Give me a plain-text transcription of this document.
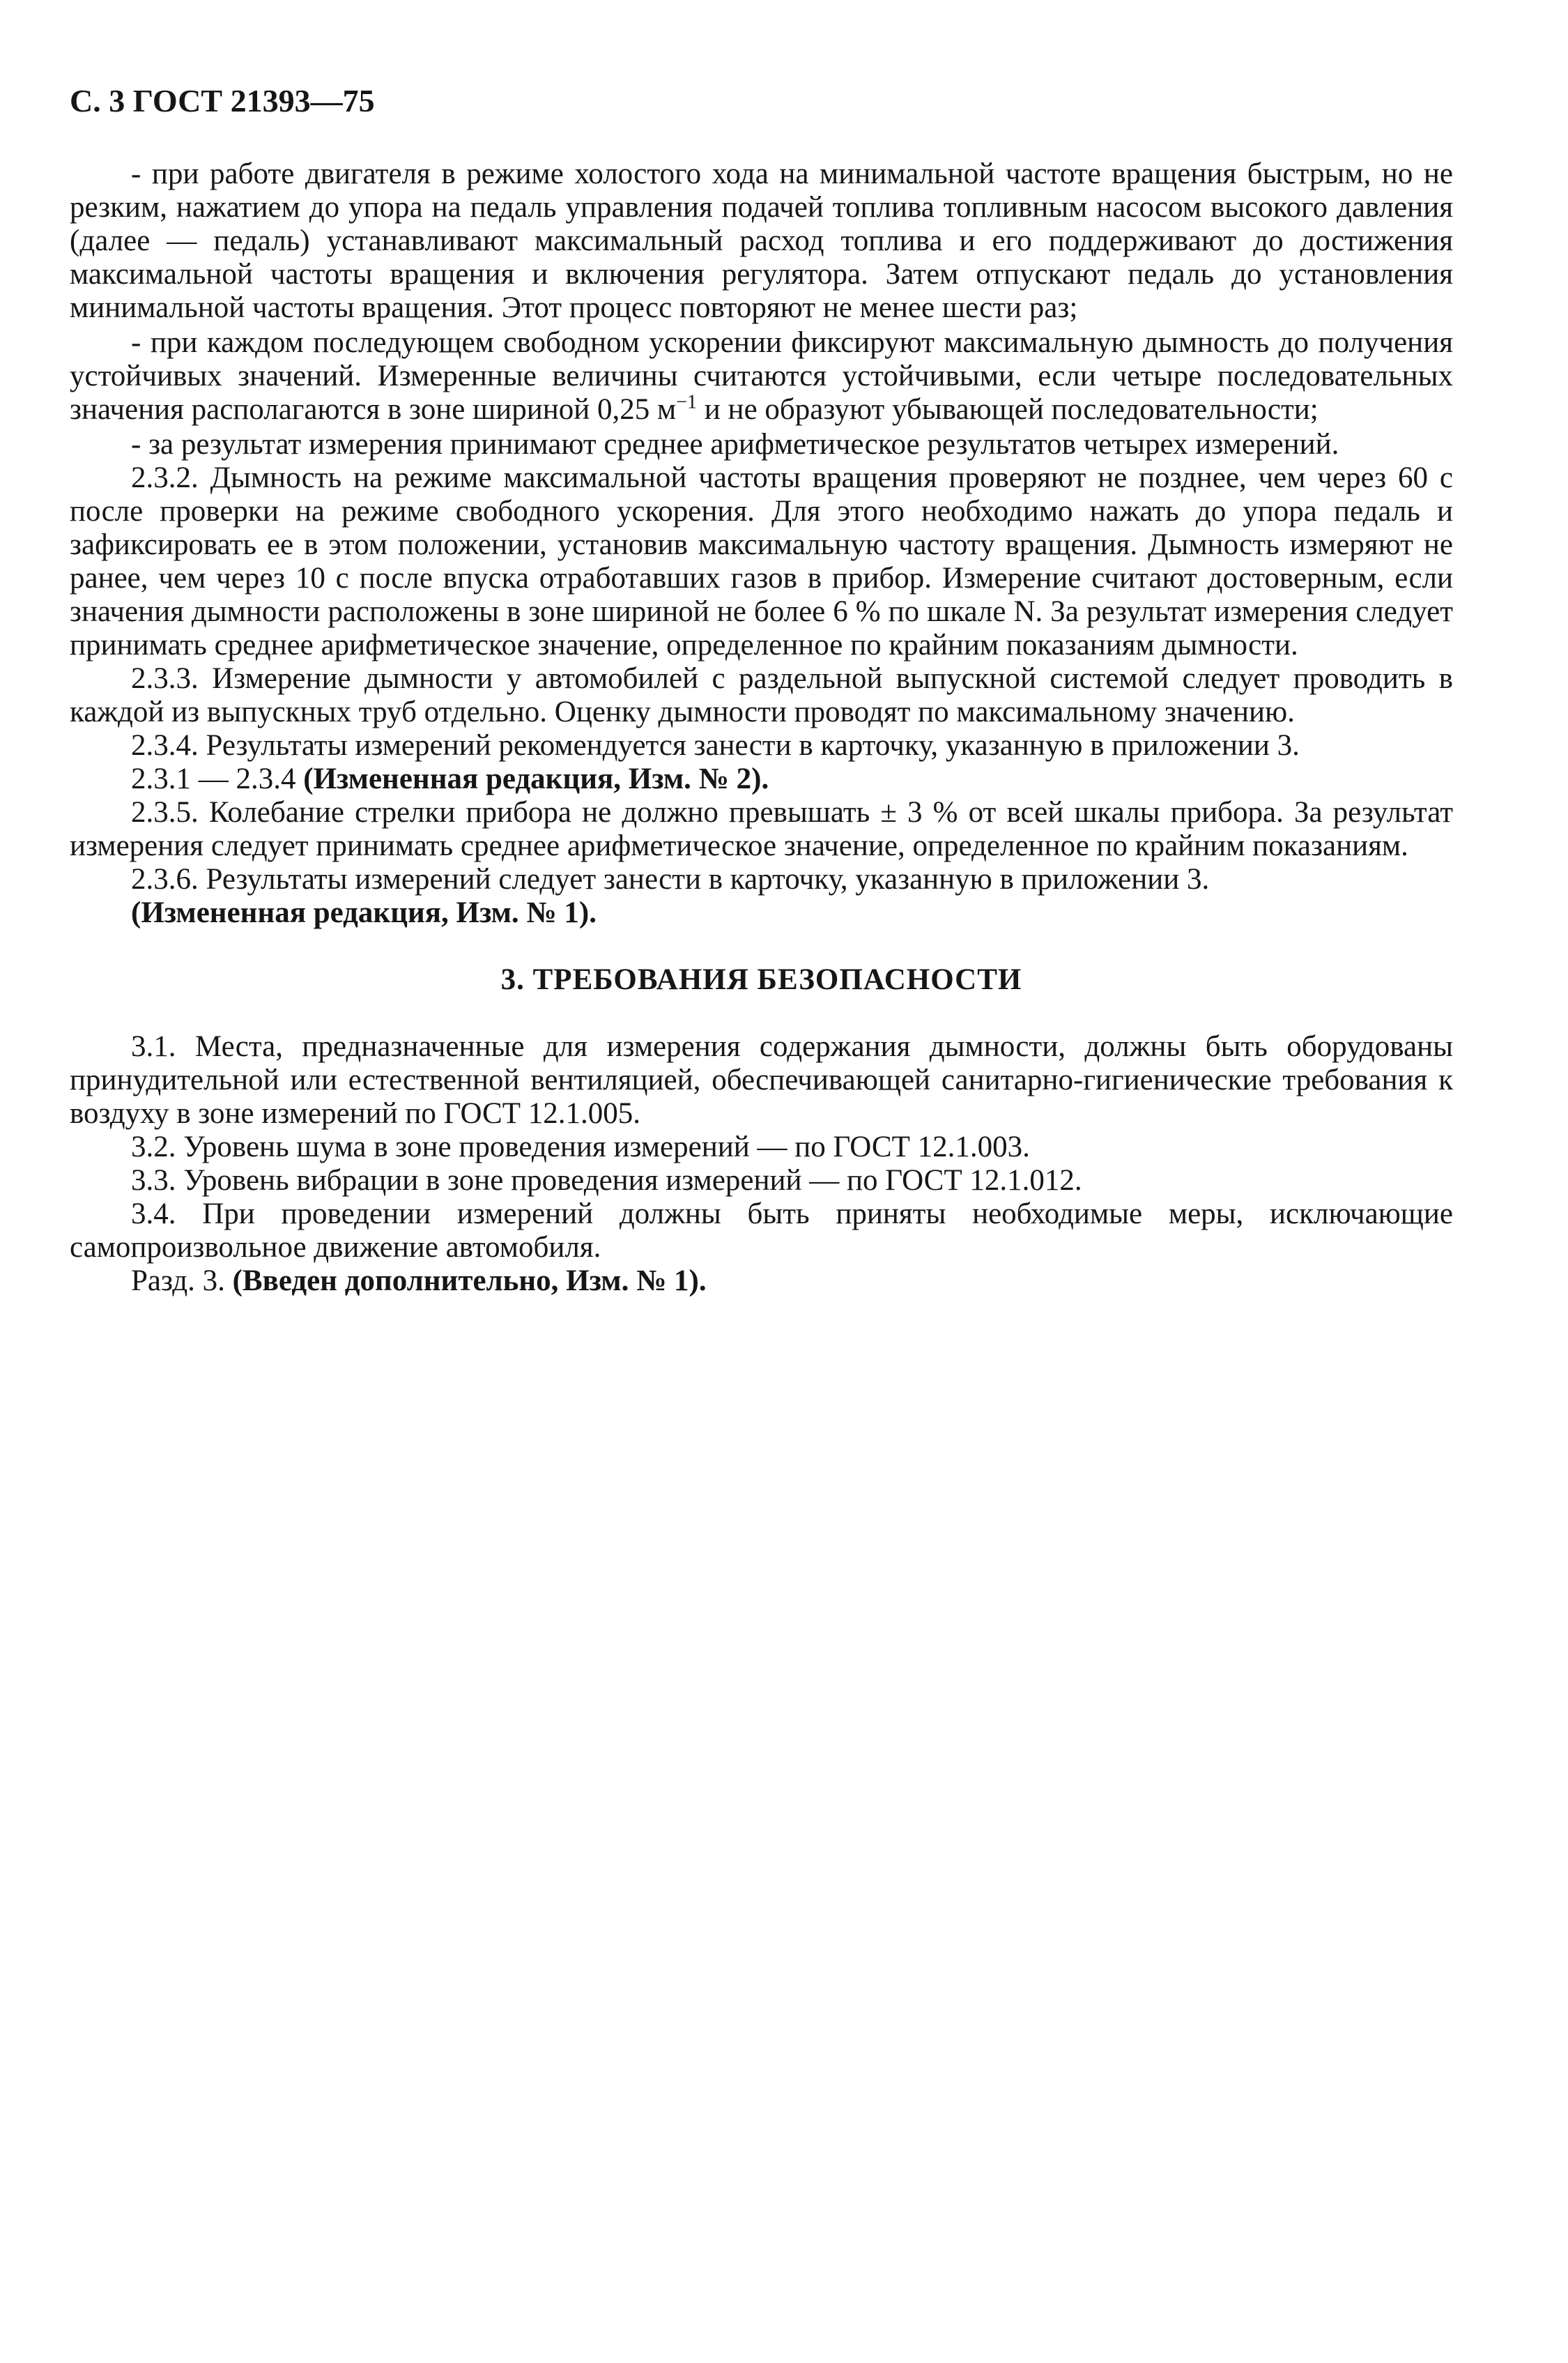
С. 3 ГОСТ 21393—75

- при работе двигателя в режиме холостого хода на минимальной частоте вращения быстрым, но не резким, нажатием до упора на педаль управления подачей топлива топливным насосом высокого давления (далее — педаль) устанавливают максимальный расход топлива и его поддерживают до достижения максимальной частоты вращения и включения регулятора. Затем отпускают педаль до установления минимальной частоты вращения. Этот процесс повторяют не менее шести раз;

- при каждом последующем свободном ускорении фиксируют максимальную дымность до получения устойчивых значений. Измеренные величины считаются устойчивыми, если четыре последовательных значения располагаются в зоне шириной 0,25 $м^{-1}$ и не образуют убывающей последовательности;

- за результат измерения принимают среднее арифметическое результатов четырех измерений.

2.3.2. Дымность на режиме максимальной частоты вращения проверяют не позднее, чем через 60 с после проверки на режиме свободного ускорения. Для этого необходимо нажать до упора педаль и зафиксировать ее в этом положении, установив максимальную частоту вращения. Дымность измеряют не ранее, чем через 10 с после впуска отработавших газов в прибор. Измерение считают достоверным, если значения дымности расположены в зоне шириной не более 6 % по шкале N. За результат измерения следует принимать среднее арифметическое значение, определенное по крайним показаниям дымности.

2.3.3. Измерение дымности у автомобилей с раздельной выпускной системой следует проводить в каждой из выпускных труб отдельно. Оценку дымности проводят по максимальному значению.

2.3.4. Результаты измерений рекомендуется занести в карточку, указанную в приложении 3.

2.3.1 — 2.3.4 (Измененная редакция, Изм. № 2).

2.3.5. Колебание стрелки прибора не должно превышать ± 3 % от всей шкалы прибора. За результат измерения следует принимать среднее арифметическое значение, определенное по крайним показаниям.

2.3.6. Результаты измерений следует занести в карточку, указанную в приложении 3.

(Измененная редакция, Изм. № 1).

3. ТРЕБОВАНИЯ БЕЗОПАСНОСТИ

3.1. Места, предназначенные для измерения содержания дымности, должны быть оборудованы принудительной или естественной вентиляцией, обеспечивающей санитарно-гигиенические требования к воздуху в зоне измерений по ГОСТ 12.1.005.

3.2. Уровень шума в зоне проведения измерений — по ГОСТ 12.1.003.

3.3. Уровень вибрации в зоне проведения измерений — по ГОСТ 12.1.012.

3.4. При проведении измерений должны быть приняты необходимые меры, исключающие самопроизвольное движение автомобиля.

Разд. 3. (Введен дополнительно, Изм. № 1).
